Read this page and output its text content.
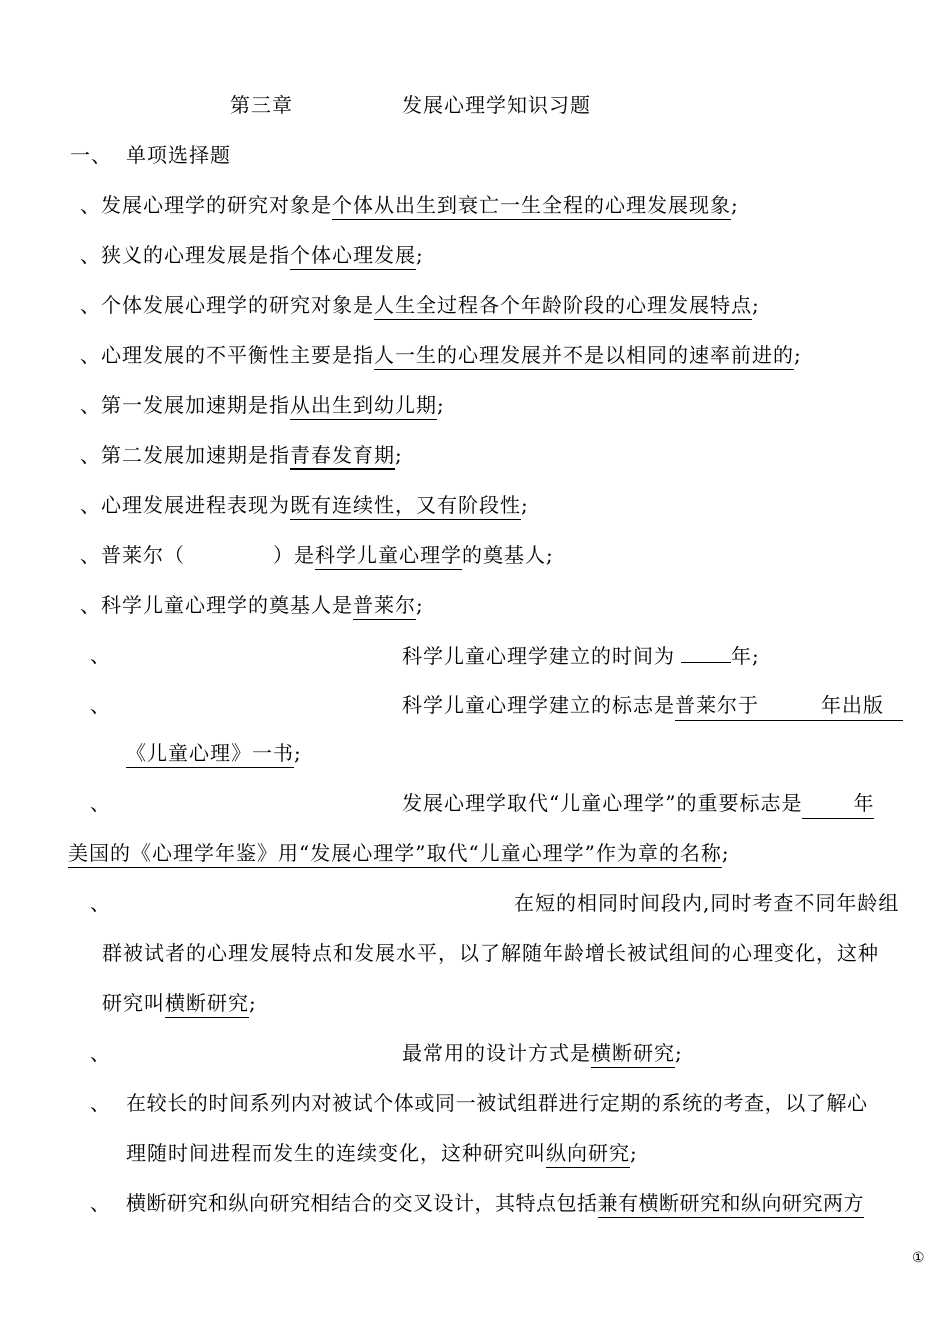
第三章	发展心理学知识习题
一、 单项选择题
、发展心理学的研究对象是个体从出生到衰亡一生全程的心理发展现象;
、狭义的心理发展是指个体心理发展;
、个体发展心理学的研究对象是人生全过程各个年龄阶段的心理发展特点;
、心理发展的不平衡性主要是指人一生的心理发展并不是以相同的速率前进的;
、第一发展加速期是指从出生到幼儿期;
、第二发展加速期是指青春发育期;
、心理发展进程表现为既有连续性，又有阶段性;
、普莱尔（	）是科学儿童心理学的奠基人;
、科学儿童心理学的奠基人是普莱尔;
、	科学儿童心理学建立的时间为	年;
、	科学儿童心理学建立的标志是普莱尔于	年出版
《儿童心理》一书;
、	发展心理学取代“儿童心理学”的重要标志是	年
美国的《心理学年鉴》用“发展心理学”取代“儿童心理学”作为章的名称;
、	在短的相同时间段内,同时考查不同年龄组
群被试者的心理发展特点和发展水平，以了解随年龄增长被试组间的心理变化，这种
研究叫横断研究;
、	最常用的设计方式是横断研究;
、 在较长的时间系列内对被试个体或同一被试组群进行定期的系统的考查，以了解心
理随时间进程而发生的连续变化，这种研究叫纵向研究;
、 横断研究和纵向研究相结合的交叉设计，其特点包括兼有横断研究和纵向研究两方
①
